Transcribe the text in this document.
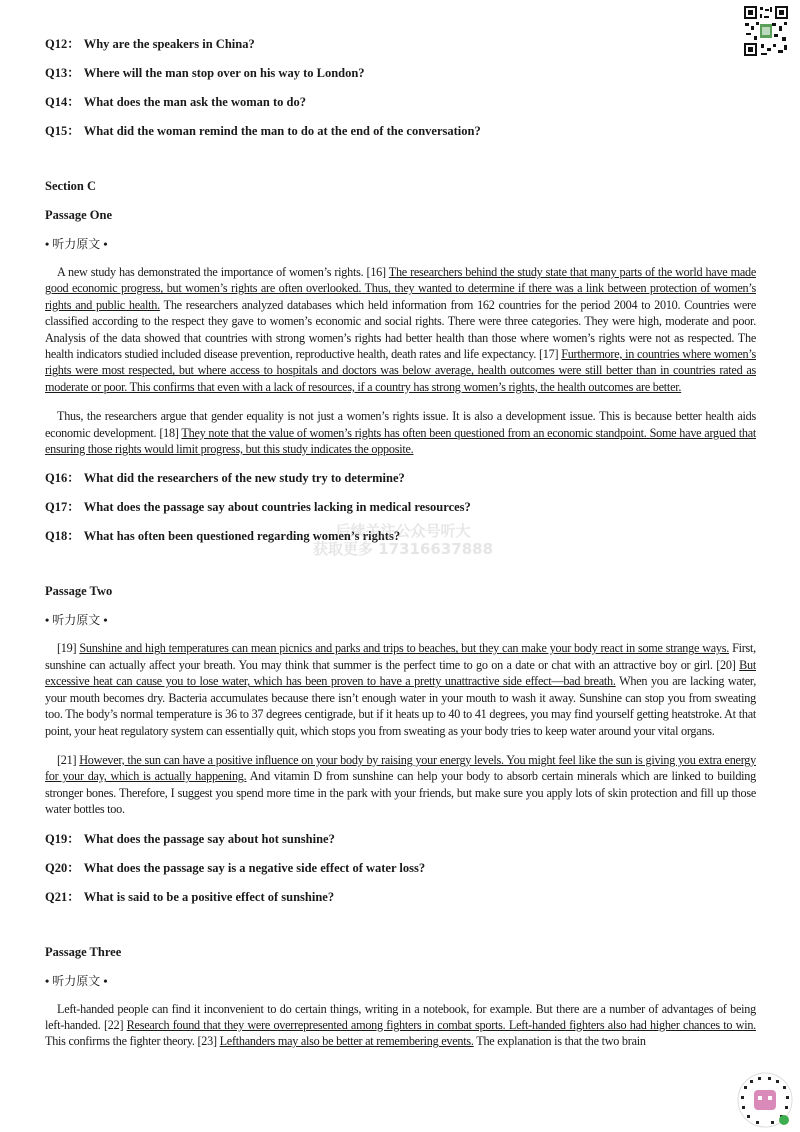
Q12： Why are the speakers in China?
Q13： Where will the man stop over on his way to London?
Q14： What does the man ask the woman to do?
Q15： What did the woman remind the man to do at the end of the conversation?
Section C
Passage One
• 听力原文 •

A new study has demonstrated the importance of women’s rights. [16] The researchers behind the study state that many parts of the world have made good economic progress, but women’s rights are often overlooked. Thus, they wanted to determine if there was a link between protection of women’s rights and public health. The researchers analyzed databases which held information from 162 countries for the period 2004 to 2010. Countries were classified according to the respect they gave to women’s economic and social rights. There were three categories. They were high, moderate and poor. Analysis of the data showed that countries with strong women’s rights had better health than those where women’s rights were not as respected. The health indicators studied included disease prevention, reproductive health, death rates and life expectancy. [17] Furthermore, in countries where women’s rights were most respected, but where access to hospitals and doctors was below average, health outcomes were still better than in countries rated as moderate or poor. This confirms that even with a lack of resources, if a country has strong women’s rights, the health outcomes are better.

Thus, the researchers argue that gender equality is not just a women’s rights issue. It is also a development issue. This is because better health aids economic development. [18] They note that the value of women’s rights has often been questioned from an economic standpoint. Some have argued that ensuring those rights would limit progress, but this study indicates the opposite.

Q16： What did the researchers of the new study try to determine?
Q17： What does the passage say about countries lacking in medical resources?
Q18： What has often been questioned regarding women’s rights?
Passage Two
• 听力原文 •

[19] Sunshine and high temperatures can mean picnics and parks and trips to beaches, but they can make your body react in some strange ways. First, sunshine can actually affect your breath. You may think that summer is the perfect time to go on a date or chat with an attractive boy or girl. [20] But excessive heat can cause you to lose water, which has been proven to have a pretty unattractive side effect—bad breath. When you are lacking water, your mouth becomes dry. Bacteria accumulates because there isn’t enough water in your mouth to wash it away. Sunshine can stop you from sweating too. The body’s normal temperature is 36 to 37 degrees centigrade, but if it heats up to 40 to 41 degrees, you may find yourself getting heatstroke. At that point, your heat regulatory system can essentially quit, which stops you from sweating as your body tries to keep water around your vital organs.

[21] However, the sun can have a positive influence on your body by raising your energy levels. You might feel like the sun is giving you extra energy for your day, which is actually happening. And vitamin D from sunshine can help your body to absorb certain minerals which are linked to building stronger bones. Therefore, I suggest you spend more time in the park with your friends, but make sure you apply lots of skin protection and fill up those water bottles too.

Q19： What does the passage say about hot sunshine?
Q20： What does the passage say is a negative side effect of water loss?
Q21： What is said to be a positive effect of sunshine?
Passage Three
• 听力原文 •

Left-handed people can find it inconvenient to do certain things, writing in a notebook, for example. But there are a number of advantages of being left-handed. [22] Research found that they were overrepresented among fighters in combat sports. Left-handed fighters also had higher chances to win. This confirms the fighter theory. [23] Lefthanders may also be better at remembering events. The explanation is that the two brain

后续关注公众号听大
获取更多 17316637888
